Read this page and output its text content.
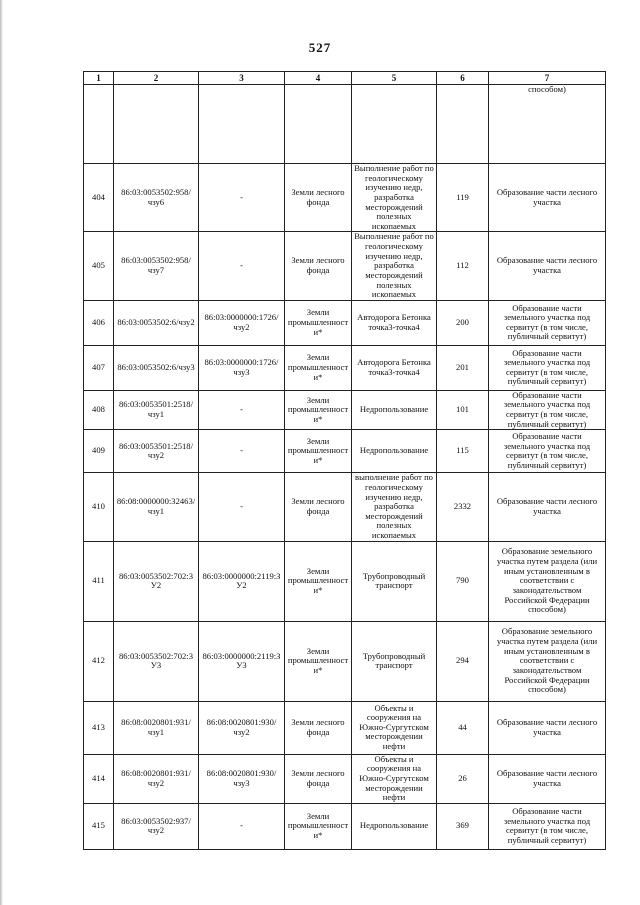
527
1	2	3	4	5	6	7
						способом)
404	86:03:0053502:958/чзу6	-	Земли лесного фонда	Выполнение работ по геологическому изучению недр, разработка месторождений полезных ископаемых	119	Образование части лесного участка
405	86:03:0053502:958/чзу7	-	Земли лесного фонда	Выполнение работ по геологическому изучению недр, разработка месторождений полезных ископаемых	112	Образование части лесного участка
406	86:03:0053502:6/чзу2	86:03:0000000:1726/чзу2	Земли промышленности*	Автодорога Бетонка точка3-точка4	200	Образование части земельного участка под сервитут (в том числе, публичный сервитут)
407	86:03:0053502:6/чзу3	86:03:0000000:1726/чзу3	Земли промышленности*	Автодорога Бетонка точка3-точка4	201	Образование части земельного участка под сервитут (в том числе, публичный сервитут)
408	86:03:0053501:2518/чзу1	-	Земли промышленности*	Недропользование	101	Образование части земельного участка под сервитут (в том числе, публичный сервитут)
409	86:03:0053501:2518/чзу2	-	Земли промышленности*	Недропользование	115	Образование части земельного участка под сервитут (в том числе, публичный сервитут)
410	86:08:0000000:32463/чзу1	-	Земли лесного фонда	выполнение работ по геологическому изучению недр, разработка месторождений полезных ископаемых	2332	Образование части лесного участка
411	86:03:0053502:702:3У2	86:03:0000000:2119:ЗУ2	Земли промышленности*	Трубопроводный транспорт	790	Образование земельного участка путем раздела (или иным установленным в соответствии с законодательством Российской Федерации способом)
412	86:03:0053502:702:3У3	86:03:0000000:2119:ЗУ3	Земли промышленности*	Трубопроводный транспорт	294	Образование земельного участка путем раздела (или иным установленным в соответствии с законодательством Российской Федерации способом)
413	86:08:0020801:931/чзу1	86:08:0020801:930/чзу2	Земли лесного фонда	Объекты и сооружения на Южно-Сургутском месторождении нефти	44	Образование части лесного участка
414	86:08:0020801:931/чзу2	86:08:0020801:930/чзу3	Земли лесного фонда	Объекты и сооружения на Южно-Сургутском месторождении нефти	26	Образование части лесного участка
415	86:03:0053502:937/чзу2	-	Земли промышленности*	Недропользование	369	Образование части земельного участка под сервитут (в том числе, публичный сервитут)
